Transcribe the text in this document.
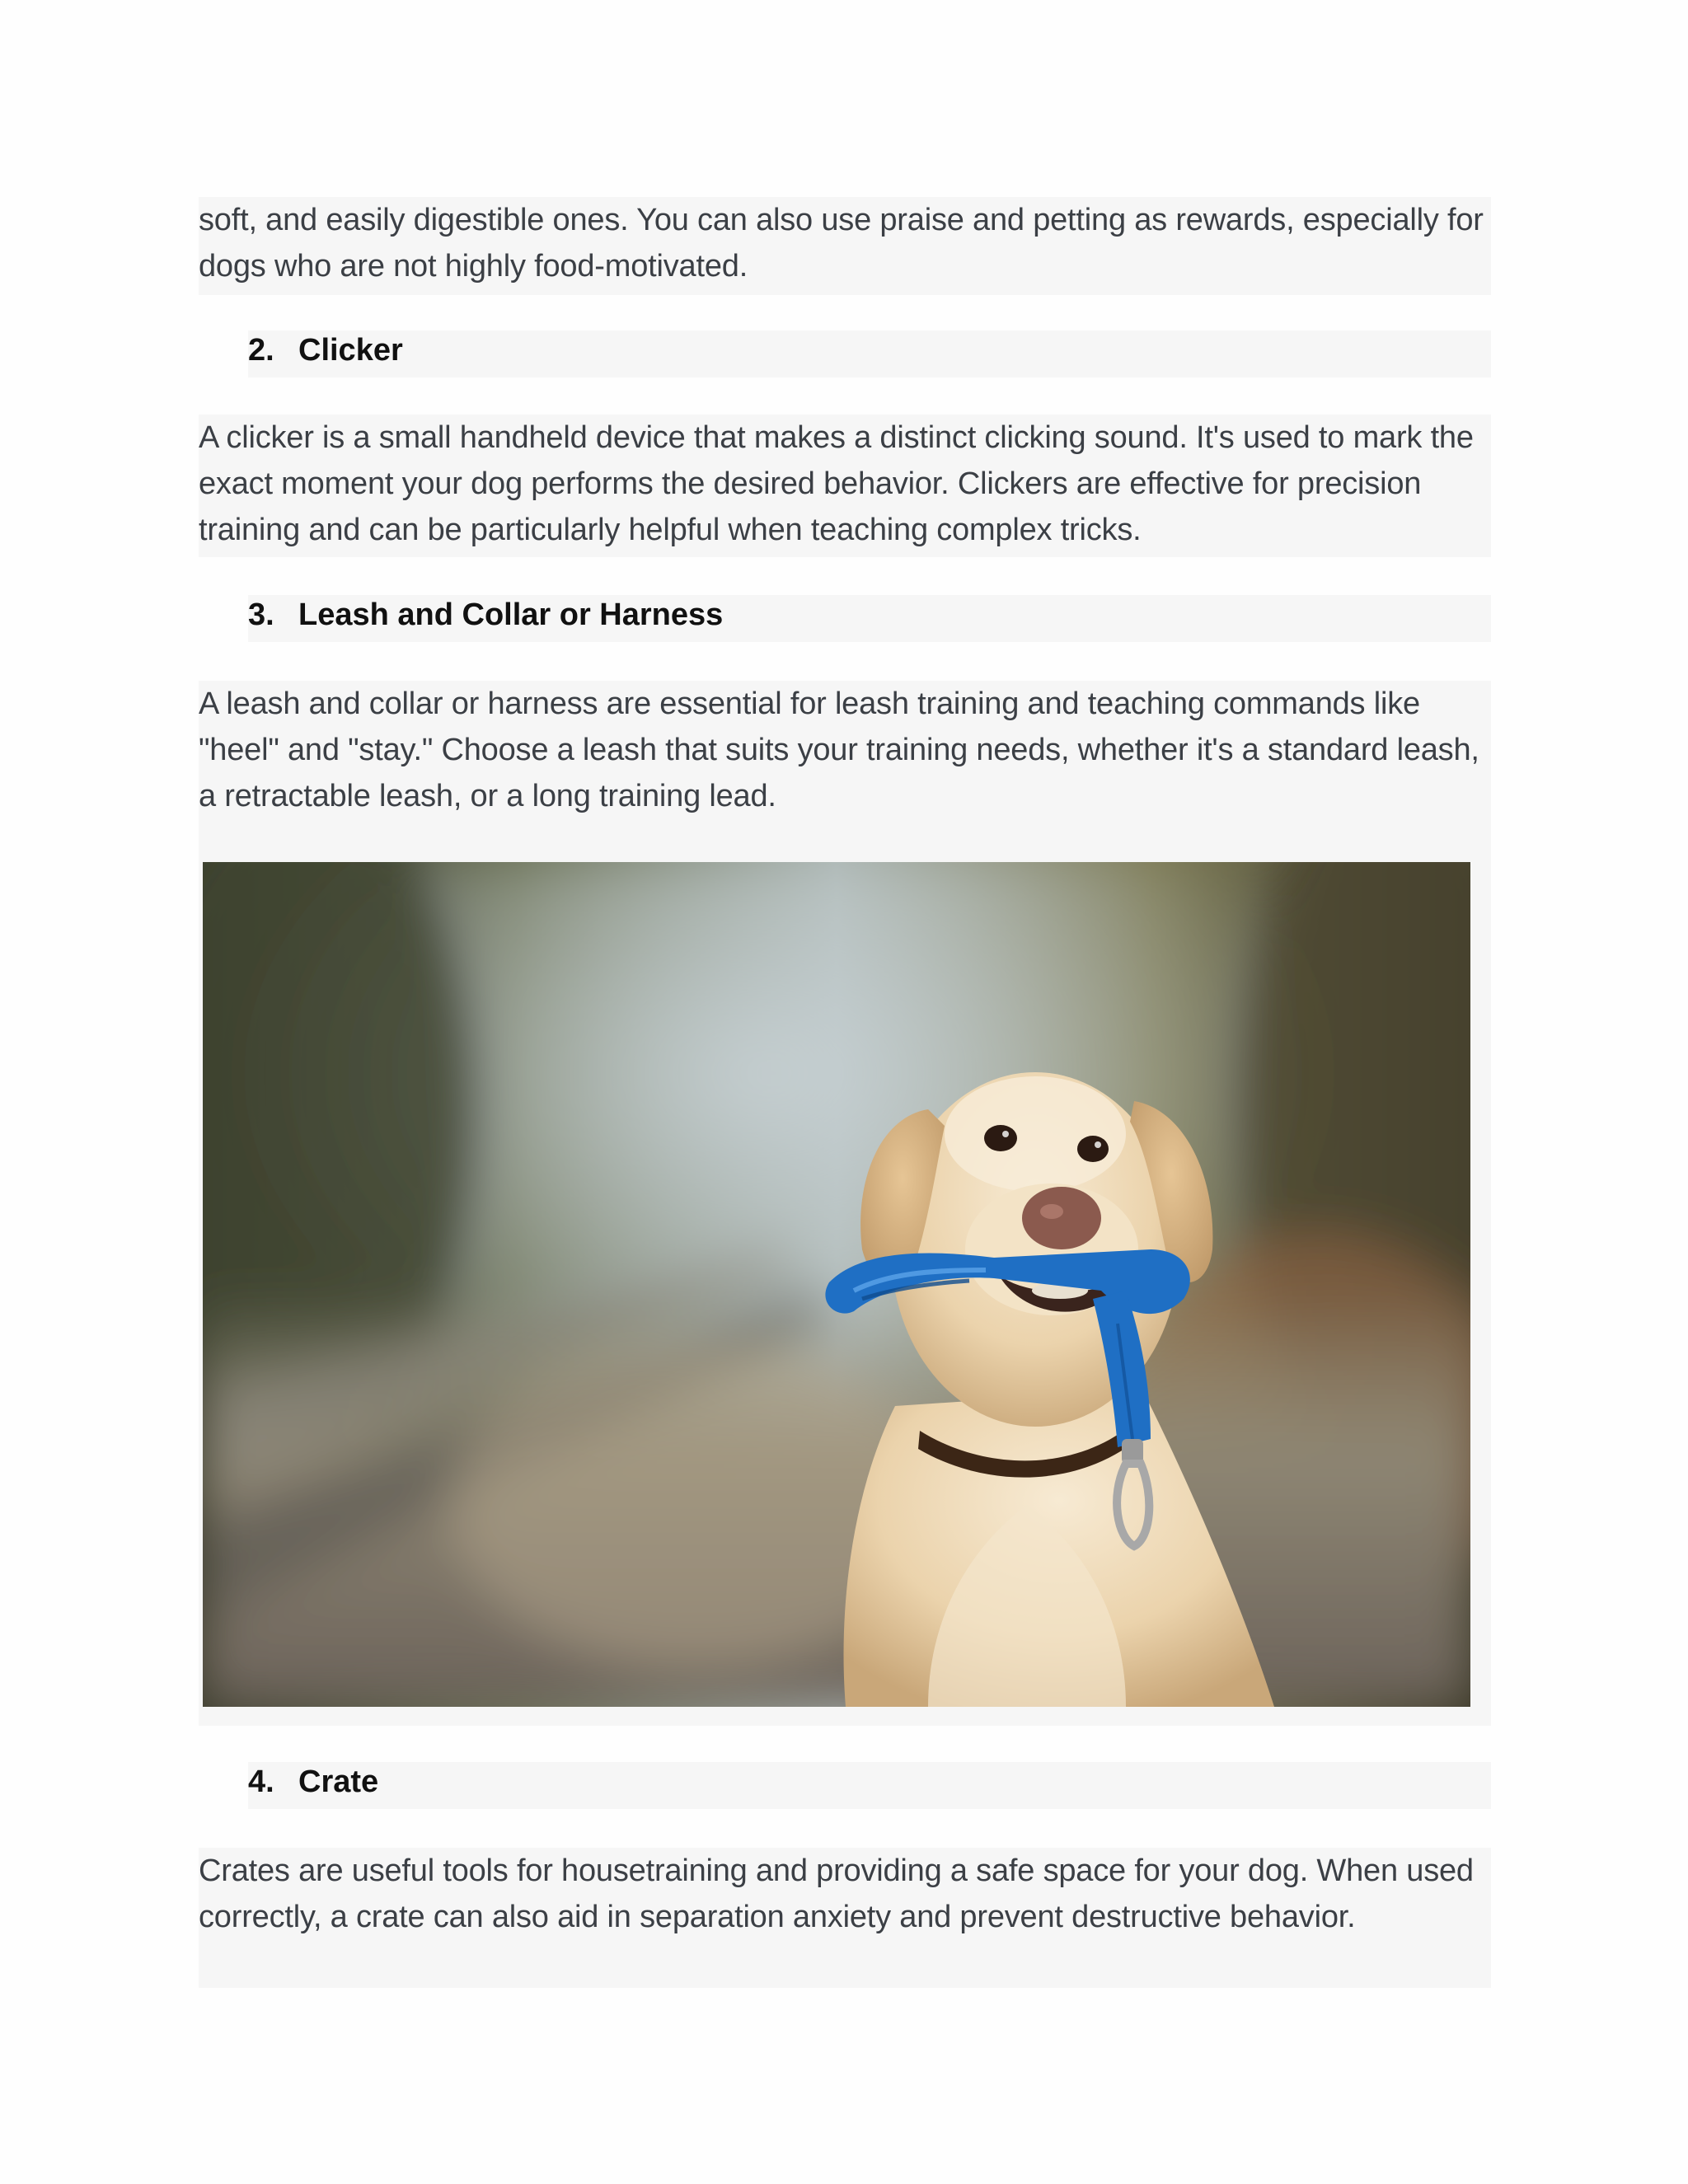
soft, and easily digestible ones. You can also use praise and petting as rewards, especially for dogs who are not highly food-motivated.

2. Clicker

A clicker is a small handheld device that makes a distinct clicking sound. It's used to mark the exact moment your dog performs the desired behavior. Clickers are effective for precision training and can be particularly helpful when teaching complex tricks.

3. Leash and Collar or Harness

A leash and collar or harness are essential for leash training and teaching commands like "heel" and "stay." Choose a leash that suits your training needs, whether it's a standard leash, a retractable leash, or a long training lead.

4. Crate

Crates are useful tools for housetraining and providing a safe space for your dog. When used correctly, a crate can also aid in separation anxiety and prevent destructive behavior.
